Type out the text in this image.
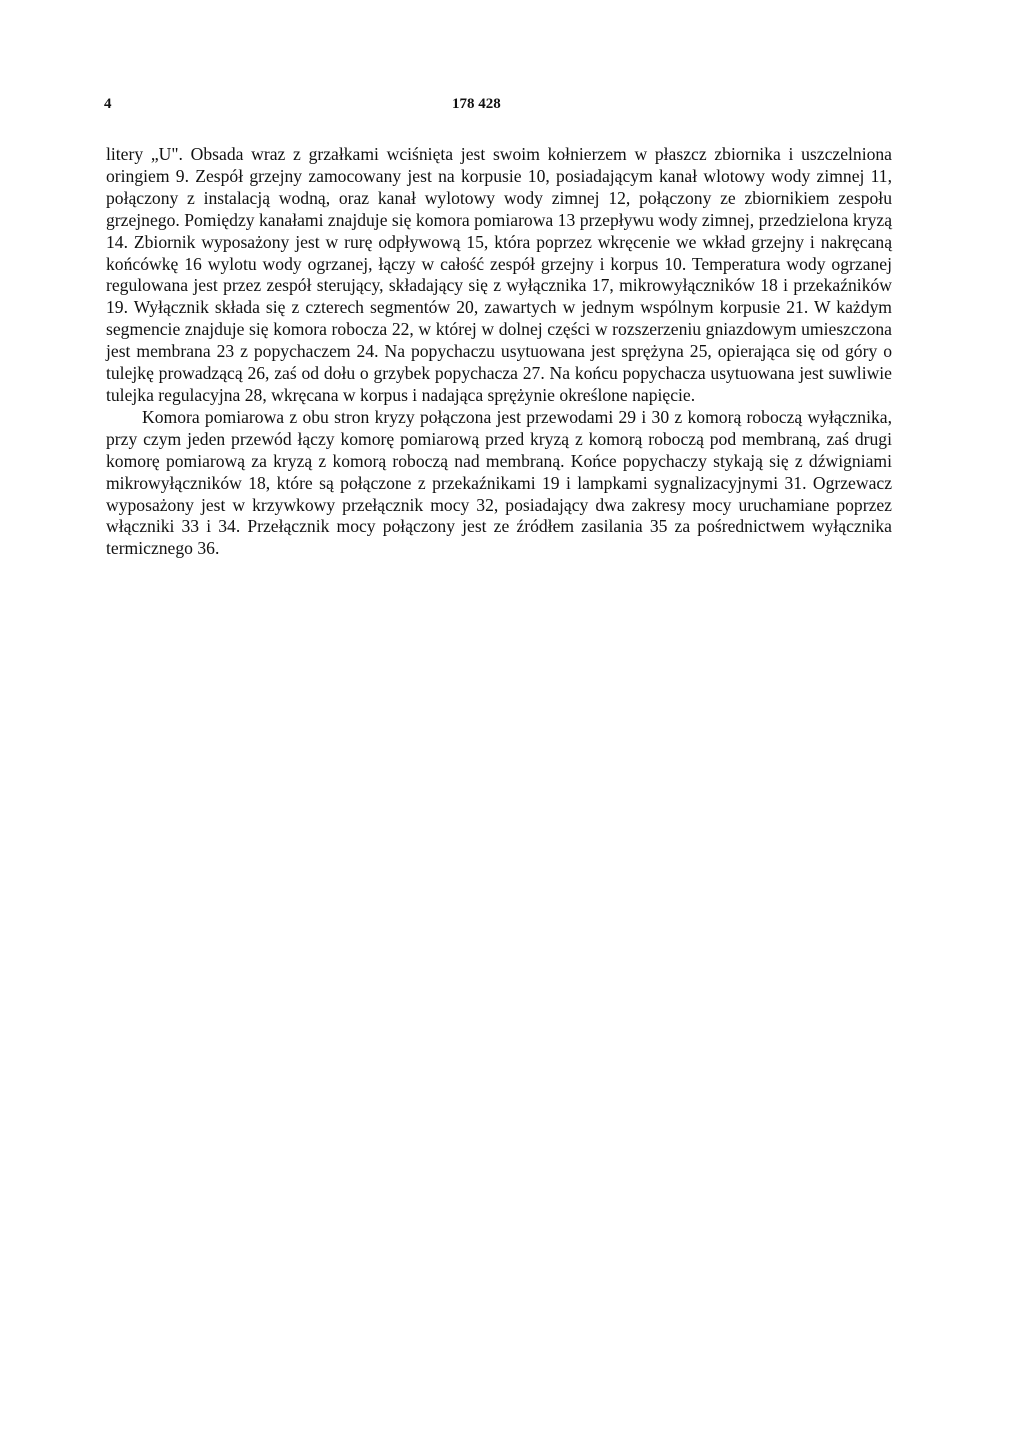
4	178 428

litery „U". Obsada wraz z grzałkami wciśnięta jest swoim kołnierzem w płaszcz zbiornika i uszczelniona oringiem 9. Zespół grzejny zamocowany jest na korpusie 10, posiadającym kanał wlotowy wody zimnej 11, połączony z instalacją wodną, oraz kanał wylotowy wody zimnej 12, połączony ze zbiornikiem zespołu grzejnego. Pomiędzy kanałami znajduje się komora pomiarowa 13 przepływu wody zimnej, przedzielona kryzą 14. Zbiornik wyposażony jest w rurę odpływową 15, która poprzez wkręcenie we wkład grzejny i nakręcaną końcówkę 16 wylotu wody ogrzanej, łączy w całość zespół grzejny i korpus 10. Temperatura wody ogrzanej regulowana jest przez zespół sterujący, składający się z wyłącznika 17, mikrowyłączników 18 i przekaźników 19. Wyłącznik składa się z czterech segmentów 20, zawartych w jednym wspólnym korpusie 21. W każdym segmencie znajduje się komora robocza 22, w której w dolnej części w rozszerzeniu gniazdowym umieszczona jest membrana 23 z popychaczem 24. Na popychaczu usytuowana jest sprężyna 25, opierająca się od góry o tulejkę prowadzącą 26, zaś od dołu o grzybek popychacza 27. Na końcu popychacza usytuowana jest suwliwie tulejka regulacyjna 28, wkręcana w korpus i nadająca sprężynie określone napięcie.

Komora pomiarowa z obu stron kryzy połączona jest przewodami 29 i 30 z komorą roboczą wyłącznika, przy czym jeden przewód łączy komorę pomiarową przed kryzą z komorą roboczą pod membraną, zaś drugi komorę pomiarową za kryzą z komorą roboczą nad membraną. Końce popychaczy stykają się z dźwigniami mikrowyłączników 18, które są połączone z przekaźnikami 19 i lampkami sygnalizacyjnymi 31. Ogrzewacz wyposażony jest w krzywkowy przełącznik mocy 32, posiadający dwa zakresy mocy uruchamiane poprzez włączniki 33 i 34. Przełącznik mocy połączony jest ze źródłem zasilania 35 za pośrednictwem wyłącznika termicznego 36.
